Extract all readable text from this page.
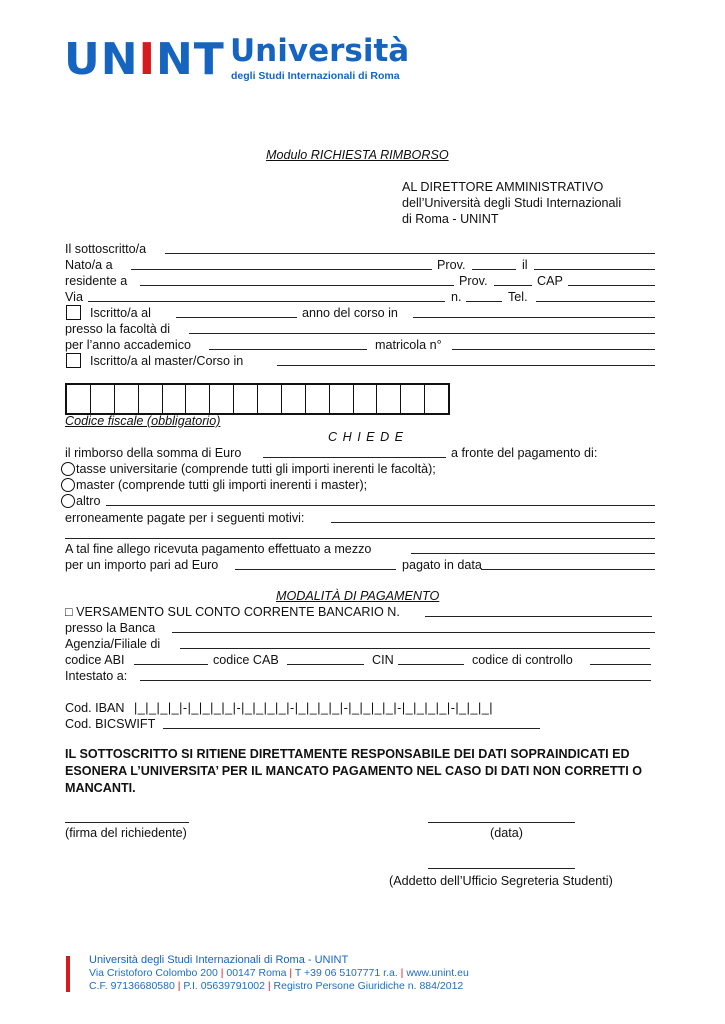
UNINT Università
degli Studi Internazionali di Roma
Modulo RICHIESTA RIMBORSO
AL DIRETTORE AMMINISTRATIVO
dell’Università degli Studi Internazionali
di Roma - UNINT
Il sottoscritto/a
Nato/a a	Prov.	il
residente a	Prov.	CAP
Via	n.	Tel.
Iscritto/a al	anno del corso in
presso la facoltà di
per l’anno accademico	matricola n°
Iscritto/a al master/Corso in
Codice fiscale (obbligatorio)
C H I E D E
il rimborso della somma di Euro	a fronte del pagamento di:
tasse universitarie (comprende tutti gli importi inerenti le facoltà);
master (comprende tutti gli importi inerenti i master);
altro
erroneamente pagate per i seguenti motivi:
A tal fine allego ricevuta pagamento effettuato a mezzo
per un importo pari ad Euro	pagato in data
MODALITÀ DI PAGAMENTO
□ VERSAMENTO SUL CONTO CORRENTE BANCARIO N.
presso la Banca
Agenzia/Filiale di
codice ABI	codice CAB	CIN	codice di controllo
Intestato a:
Cod. IBAN |_|_|_|_|-|_|_|_|_|-|_|_|_|_|-|_|_|_|_|-|_|_|_|_|-|_|_|_|_|-|_|_|_|
Cod. BICSWIFT
IL SOTTOSCRITTO SI RITIENE DIRETTAMENTE RESPONSABILE DEI DATI SOPRAINDICATI ED
ESONERA L’UNIVERSITA’ PER IL MANCATO PAGAMENTO NEL CASO DI DATI NON CORRETTI O
MANCANTI.
(firma del richiedente)	(data)
(Addetto dell’Ufficio Segreteria Studenti)
Università degli Studi Internazionali di Roma - UNINT
Via Cristoforo Colombo 200 | 00147 Roma | T +39 06 5107771 r.a. | www.unint.eu
C.F. 97136680580 | P.I. 05639791002 | Registro Persone Giuridiche n. 884/2012
